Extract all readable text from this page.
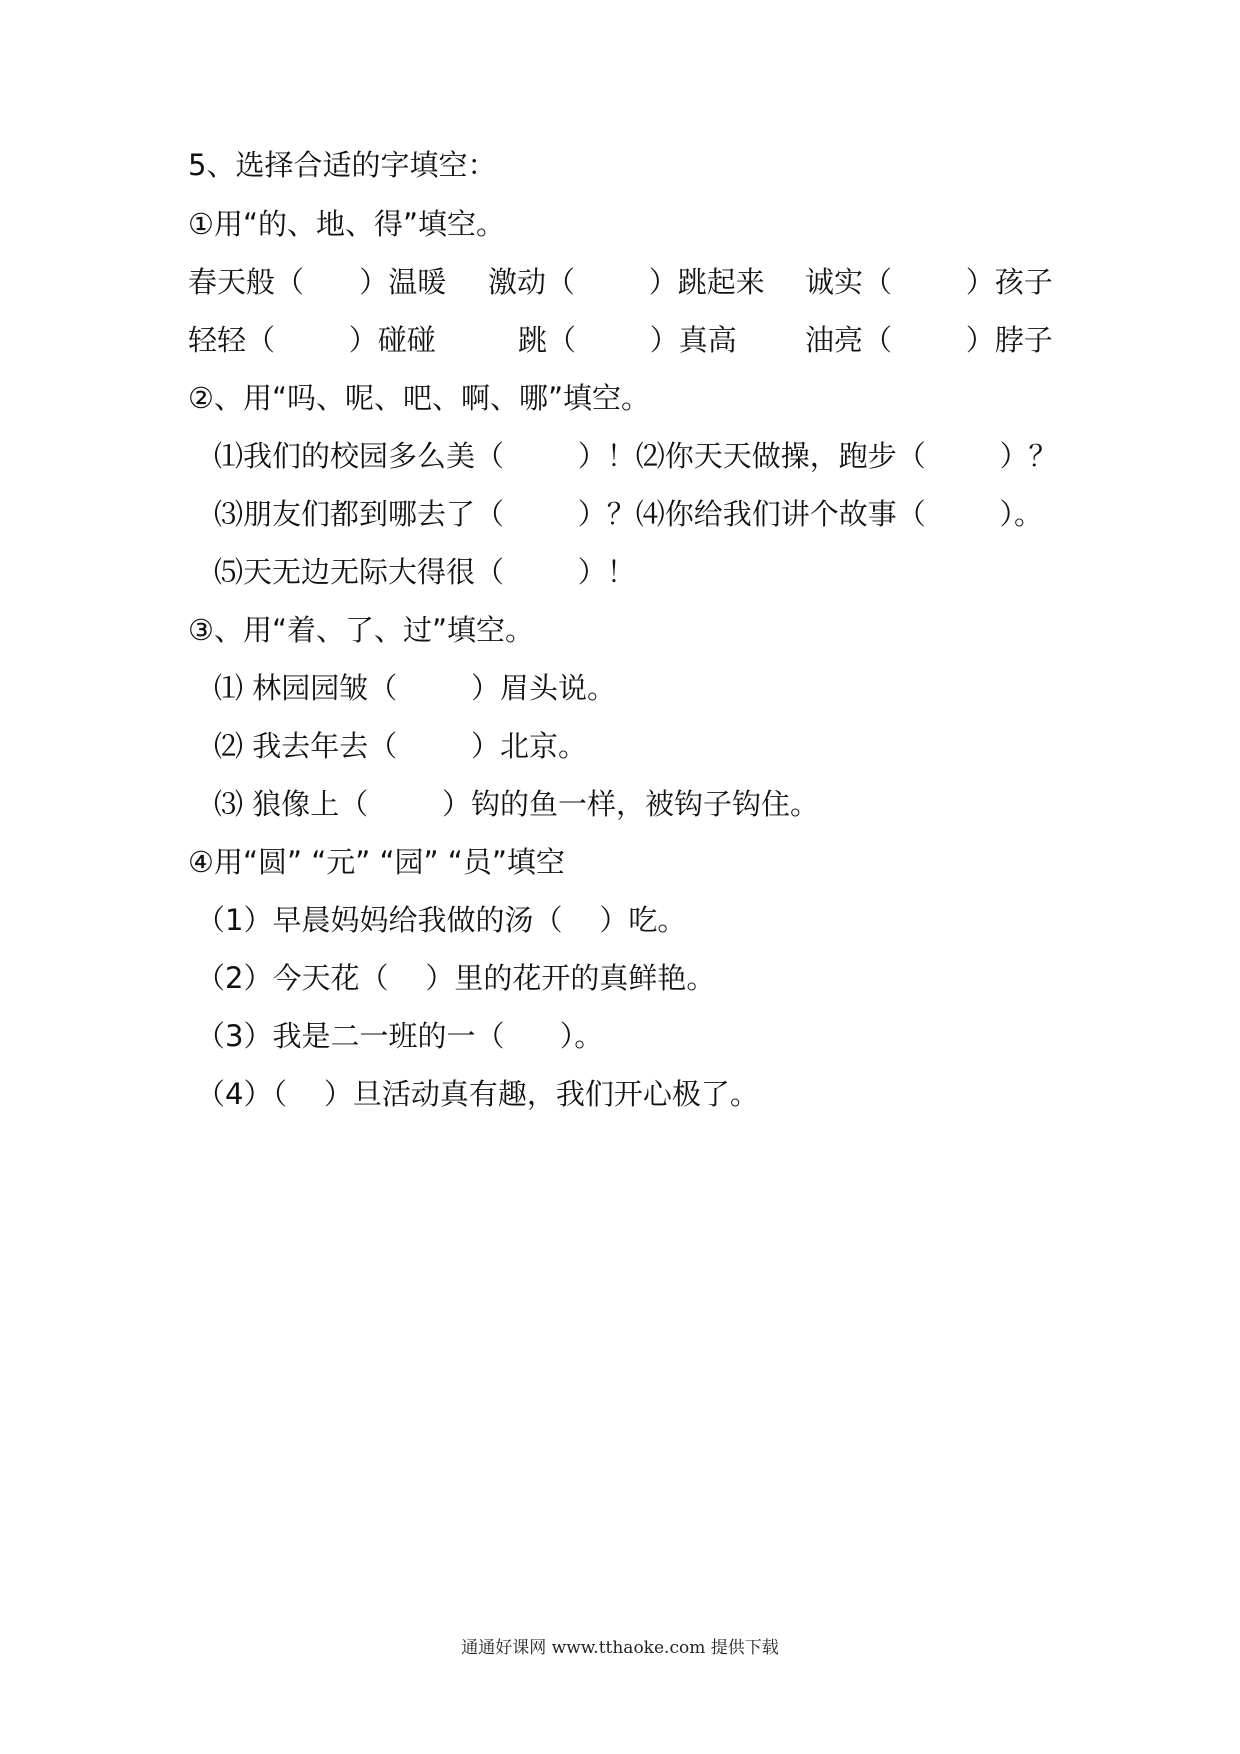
5、选择合适的字填空：
①用“的、地、得”填空。
春天般（      ）温暖 激动（        ）跳起来 诚实（        ）孩子
轻轻（        ）碰碰	跳（        ）真高 油亮（        ）脖子
②、用“吗、呢、吧、啊、哪”填空。
⑴我们的校园多么美（        ）！⑵你天天做操，跑步（        ）？
⑶朋友们都到哪去了（        ）？⑷你给我们讲个故事（        ）。
⑸天无边无际大得很（        ）！
③、用“着、了、过”填空。
⑴ 林园园皱（        ）眉头说。
⑵ 我去年去（        ）北京。
⑶ 狼像上（        ）钩的鱼一样，被钩子钩住。
④用“圆” “元” “园” “员”填空
（1）早晨妈妈给我做的汤（    ）吃。
（2）今天花（    ）里的花开的真鲜艳。
（3）我是二一班的一（      ）。
（4）（    ）旦活动真有趣，我们开心极了。
通通好课网 www.tthaoke.com 提供下载
